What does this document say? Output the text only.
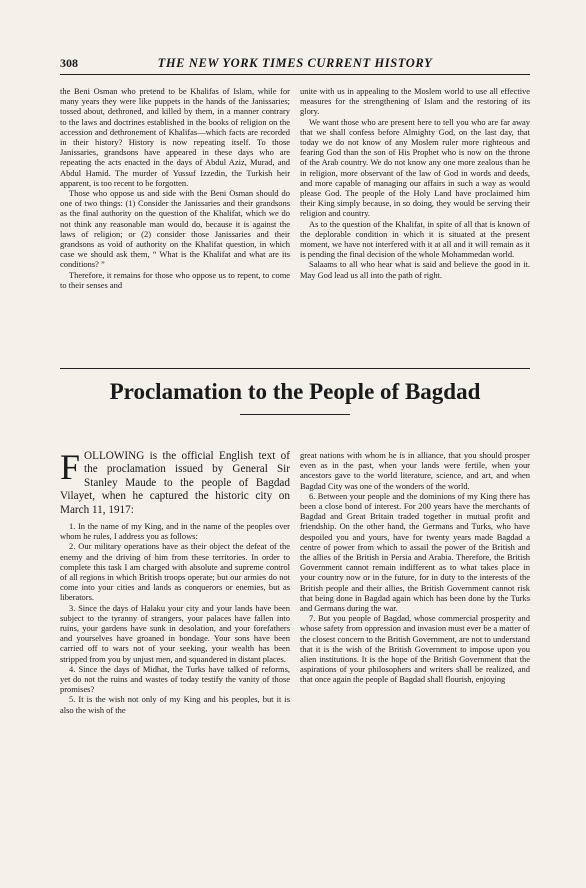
308	THE NEW YORK TIMES CURRENT HISTORY

the Beni Osman who pretend to be Khalifas of Islam, while for many years they were like puppets in the hands of the Janissaries; tossed about, dethroned, and killed by them, in a manner contrary to the laws and doctrines established in the books of religion on the accession and dethronement of Khalifas—which facts are recorded in their history? History is now repeating itself. To those Janissaries, grandsons have appeared in these days who are repeating the acts enacted in the days of Abdul Aziz, Murad, and Abdul Hamid. The murder of Yussuf Izzedin, the Turkish heir apparent, is too recent to be forgotten.

Those who oppose us and side with the Beni Osman should do one of two things: (1) Consider the Janissaries and their grandsons as the final authority on the question of the Khalifat, which we do not think any reasonable man would do, because it is against the laws of religion; or (2) consider those Janissaries and their grandsons as void of authority on the Khalifat question, in which case we should ask them, “ What is the Khalifat and what are its conditions? ”

Therefore, it remains for those who oppose us to repent, to come to their senses and

unite with us in appealing to the Moslem world to use all effective measures for the strengthening of Islam and the restoring of its glory.

We want those who are present here to tell you who are far away that we shall confess before Almighty God, on the last day, that today we do not know of any Moslem ruler more righteous and fearing God than the son of His Prophet who is now on the throne of the Arab country. We do not know any one more zealous than he in religion, more observant of the law of God in words and deeds, and more capable of managing our affairs in such a way as would please God. The people of the Holy Land have proclaimed him their King simply because, in so doing, they would be serving their religion and country.

As to the question of the Khalifat, in spite of all that is known of the deplorable condition in which it is situated at the present moment, we have not interfered with it at all and it will remain as it is pending the final decision of the whole Mohammedan world.

Salaams to all who hear what is said and believe the good in it. May God lead us all into the path of right.

Proclamation to the People of Bagdad
FOLLOWING is the official English text of the proclamation issued by General Sir Stanley Maude to the people of Bagdad Vilayet, when he captured the historic city on March 11, 1917:

1. In the name of my King, and in the name of the peoples over whom he rules, I address you as follows:

2. Our military operations have as their object the defeat of the enemy and the driving of him from these territories. In order to complete this task I am charged with absolute and supreme control of all regions in which British troops operate; but our armies do not come into your cities and lands as conquerors or enemies, but as liberators.

3. Since the days of Halaku your city and your lands have been subject to the tyranny of strangers, your palaces have fallen into ruins, your gardens have sunk in desolation, and your forefathers and yourselves have groaned in bondage. Your sons have been carried off to wars not of your seeking, your wealth has been stripped from you by unjust men, and squandered in distant places.

4. Since the days of Midhat, the Turks have talked of reforms, yet do not the ruins and wastes of today testify the vanity of those promises?

5. It is the wish not only of my King and his peoples, but it is also the wish of the

great nations with whom he is in alliance, that you should prosper even as in the past, when your lands were fertile, when your ancestors gave to the world literature, science, and art, and when Bagdad City was one of the wonders of the world.

6. Between your people and the dominions of my King there has been a close bond of interest. For 200 years have the merchants of Bagdad and Great Britain traded together in mutual profit and friendship. On the other hand, the Germans and Turks, who have despoiled you and yours, have for twenty years made Bagdad a centre of power from which to assail the power of the British and the allies of the British in Persia and Arabia. Therefore, the British Government cannot remain indifferent as to what takes place in your country now or in the future, for in duty to the interests of the British people and their allies, the British Government cannot risk that being done in Bagdad again which has been done by the Turks and Germans during the war.

7. But you people of Bagdad, whose commercial prosperity and whose safety from oppression and invasion must ever be a matter of the closest concern to the British Government, are not to understand that it is the wish of the British Government to impose upon you alien institutions. It is the hope of the British Government that the aspirations of your philosophers and writers shall be realized, and that once again the people of Bagdad shall flourish, enjoying
